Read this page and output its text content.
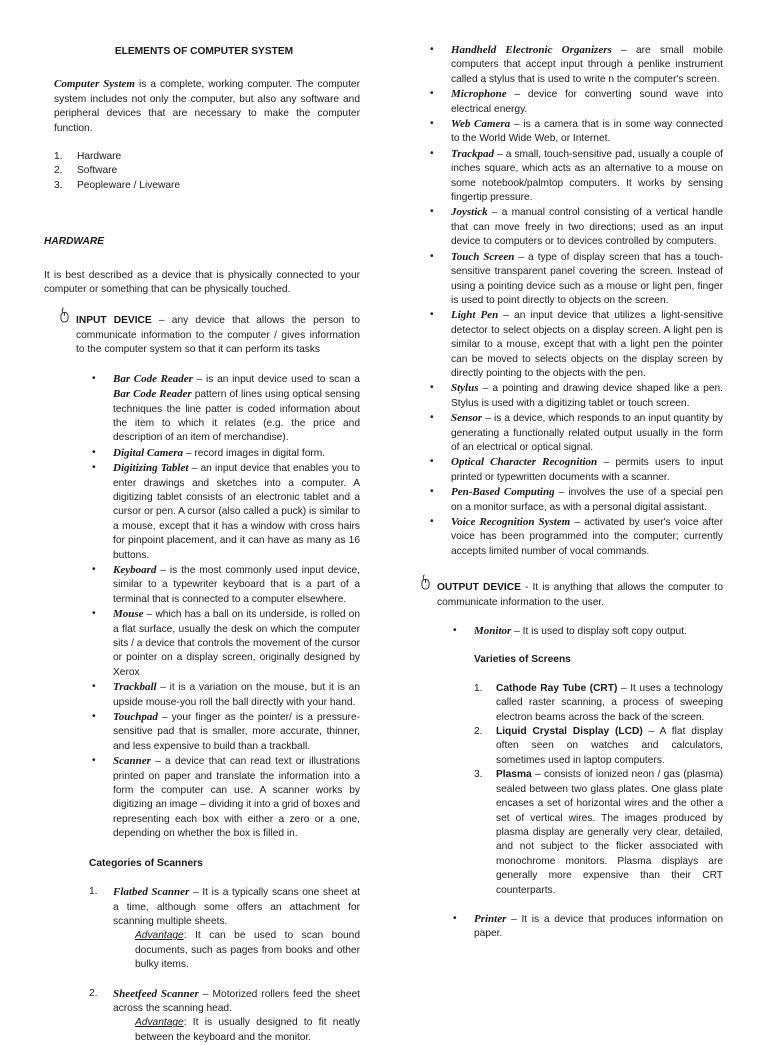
ELEMENTS OF COMPUTER SYSTEM

Computer System is a complete, working computer. The computer system includes not only the computer, but also any software and peripheral devices that are necessary to make the computer function.

1. Hardware
2. Software
3. Peopleware / Liveware

HARDWARE

It is best described as a device that is physically connected to your computer or something that can be physically touched.

INPUT DEVICE – any device that allows the person to communicate information to the computer / gives information to the computer system so that it can perform its tasks

• Bar Code Reader – is an input device used to scan a Bar Code Reader pattern of lines using optical sensing techniques the line patter is coded information about the item to which it relates (e.g. the price and description of an item of merchandise).
• Digital Camera – record images in digital form.
• Digitizing Tablet – an input device that enables you to enter drawings and sketches into a computer. A digitizing tablet consists of an electronic tablet and a cursor or pen. A cursor (also called a puck) is similar to a mouse, except that it has a window with cross hairs for pinpoint placement, and it can have as many as 16 buttons.
• Keyboard – is the most commonly used input device, similar to a typewriter keyboard that is a part of a terminal that is connected to a computer elsewhere.
• Mouse – which has a ball on its underside, is rolled on a flat surface, usually the desk on which the computer sits / a device that controls the movement of the cursor or pointer on a display screen, originally designed by Xerox
• Trackball – it is a variation on the mouse, but it is an upside mouse-you roll the ball directly with your hand.
• Touchpad – your finger as the pointer/ is a pressure-sensitive pad that is smaller, more accurate, thinner, and less expensive to build than a trackball.
• Scanner – a device that can read text or illustrations printed on paper and translate the information into a form the computer can use. A scanner works by digitizing an image – dividing it into a grid of boxes and representing each box with either a zero or a one, depending on whether the box is filled in.

Categories of Scanners

1. Flatbed Scanner – It is a typically scans one sheet at a time, although some offers an attachment for scanning multiple sheets.
Advantage: It can be used to scan bound documents, such as pages from books and other bulky items.
2. Sheetfeed Scanner – Motorized rollers feed the sheet across the scanning head.
Advantage: It is usually designed to fit neatly between the keyboard and the monitor.
• Handheld Electronic Organizers – are small mobile computers that accept input through a penlike instrument called a stylus that is used to write n the computer's screen.
• Microphone – device for converting sound wave into electrical energy.
• Web Camera – is a camera that is in some way connected to the World Wide Web, or Internet.
• Trackpad – a small, touch-sensitive pad, usually a couple of inches square, which acts as an alternative to a mouse on some notebook/palmtop computers. It works by sensing fingertip pressure.
• Joystick – a manual control consisting of a vertical handle that can move freely in two directions; used as an input device to computers or to devices controlled by computers.
• Touch Screen – a type of display screen that has a touch-sensitive transparent panel covering the screen. Instead of using a pointing device such as a mouse or light pen, finger is used to point directly to objects on the screen.
• Light Pen – an input device that utilizes a light-sensitive detector to select objects on a display screen. A light pen is similar to a mouse, except that with a light pen the pointer can be moved to selects objects on the display screen by directly pointing to the objects with the pen.
• Stylus – a pointing and drawing device shaped like a pen. Stylus is used with a digitizing tablet or touch screen.
• Sensor – is a device, which responds to an input quantity by generating a functionally related output usually in the form of an electrical or optical signal.
• Optical Character Recognition – permits users to input printed or typewritten documents with a scanner.
• Pen-Based Computing – involves the use of a special pen on a monitor surface, as with a personal digital assistant.
• Voice Recognition System – activated by user's voice after voice has been programmed into the computer; currently accepts limited number of vocal commands.

OUTPUT DEVICE - It is anything that allows the computer to communicate information to the user.

• Monitor – It is used to display soft copy output.

Varieties of Screens

1. Cathode Ray Tube (CRT) – It uses a technology called raster scanning, a process of sweeping electron beams across the back of the screen.
2. Liquid Crystal Display (LCD) – A flat display often seen on watches and calculators, sometimes used in laptop computers.
3. Plasma – consists of ionized neon / gas (plasma) sealed between two glass plates. One glass plate encases a set of horizontal wires and the other a set of vertical wires. The images produced by plasma display are generally very clear, detailed, and not subject to the flicker associated with monochrome monitors. Plasma displays are generally more expensive than their CRT counterparts.
• Printer – It is a device that produces information on paper.
